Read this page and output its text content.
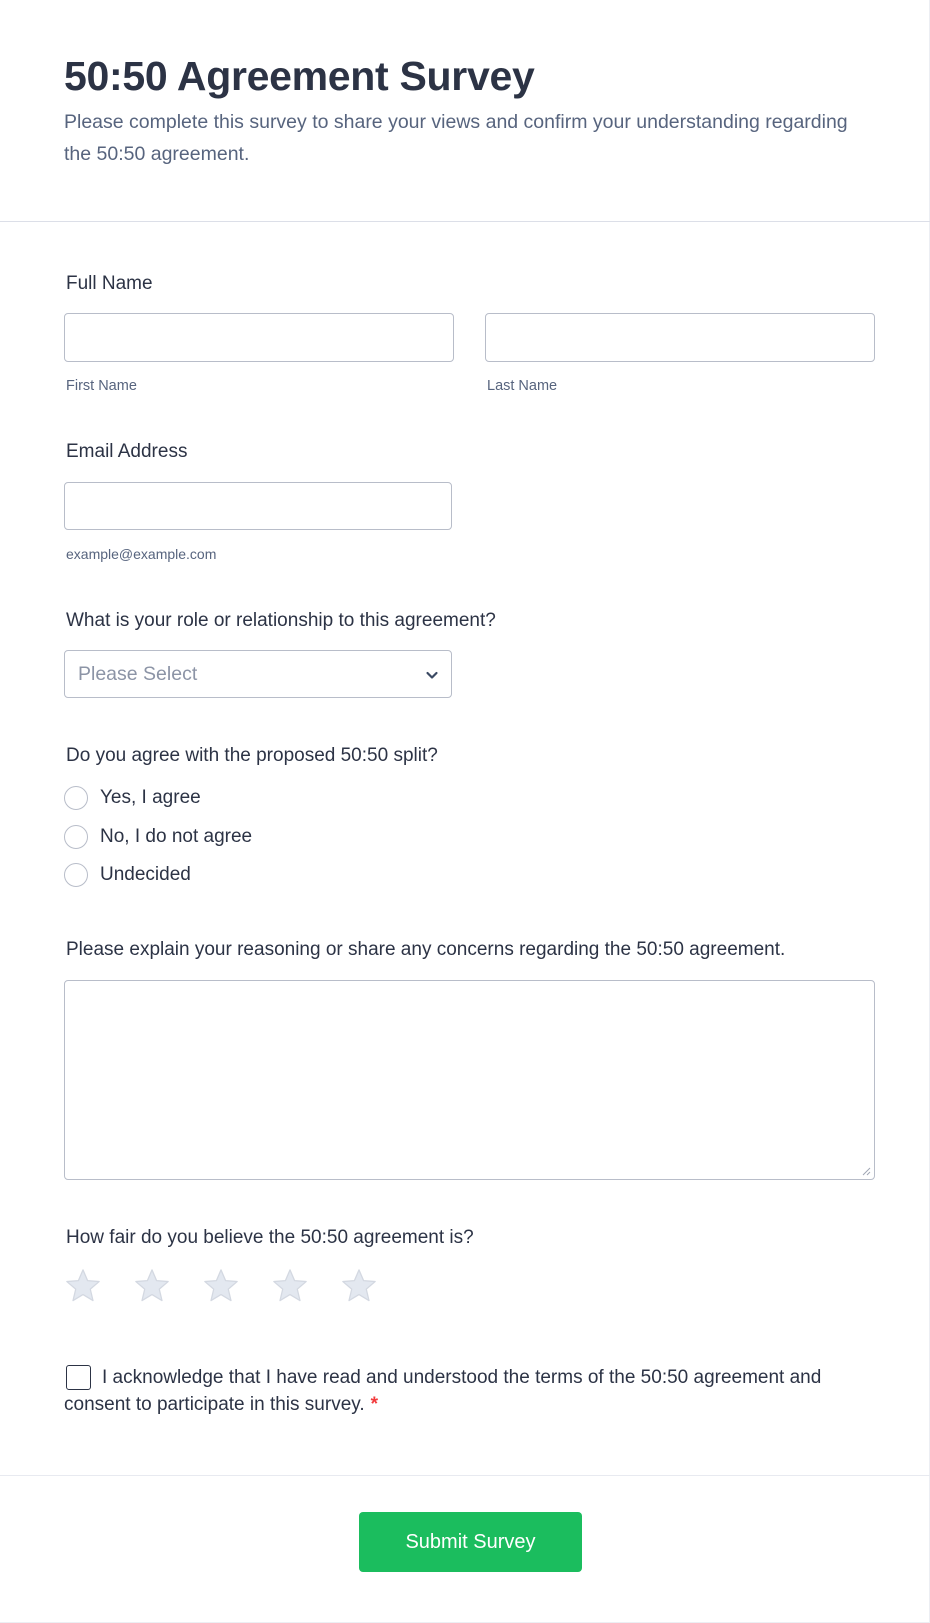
50:50 Agreement Survey
Please complete this survey to share your views and confirm your understanding regarding the 50:50 agreement.
Full Name
First Name	Last Name
Email Address
example@example.com
What is your role or relationship to this agreement?
Please Select
Do you agree with the proposed 50:50 split?
Yes, I agree
No, I do not agree
Undecided
Please explain your reasoning or share any concerns regarding the 50:50 agreement.
How fair do you believe the 50:50 agreement is?
I acknowledge that I have read and understood the terms of the 50:50 agreement and consent to participate in this survey. *
Submit Survey
